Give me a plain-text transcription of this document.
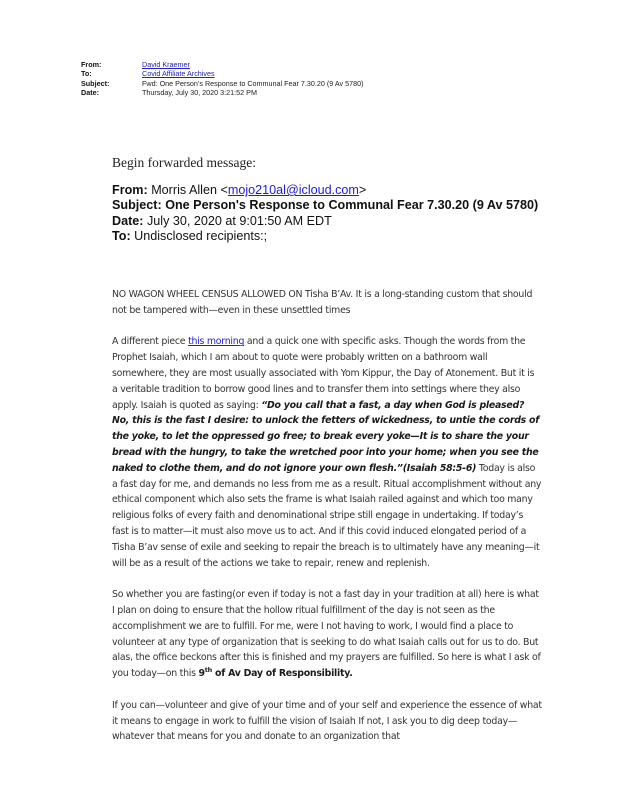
From:	David Kraemer
To:	Covid Affiliate Archives
Subject:	Fwd: One Person’s Response to Communal Fear 7.30.20 (9 Av 5780)
Date:	Thursday, July 30, 2020 3:21:52 PM
Begin forwarded message:
From: Morris Allen <mojo210al@icloud.com>
Subject: One Person's Response to Communal Fear 7.30.20 (9 Av 5780)
Date: July 30, 2020 at 9:01:50 AM EDT
To: Undisclosed recipients:;

NO WAGON WHEEL CENSUS ALLOWED ON Tisha B’Av. It is a long-standing custom that should not be tampered with—even in these unsettled times

A different piece this morning and a quick one with specific asks. Though the words from the Prophet Isaiah, which I am about to quote were probably written on a bathroom wall somewhere, they are most usually associated with Yom Kippur, the Day of Atonement. But it is a veritable tradition to borrow good lines and to transfer them into settings where they also apply. Isaiah is quoted as saying: “Do you call that a fast, a day when God is pleased? No, this is the fast I desire: to unlock the fetters of wickedness, to untie the cords of the yoke, to let the oppressed go free; to break every yoke—It is to share the your bread with the hungry, to take the wretched poor into your home; when you see the naked to clothe them, and do not ignore your own flesh.”(Isaiah 58:5-6) Today is also a fast day for me, and demands no less from me as a result. Ritual accomplishment without any ethical component which also sets the frame is what Isaiah railed against and which too many religious folks of every faith and denominational stripe still engage in undertaking. If today’s fast is to matter—it must also move us to act. And if this covid induced elongated period of a Tisha B’av sense of exile and seeking to repair the breach is to ultimately have any meaning—it will be as a result of the actions we take to repair, renew and replenish.

So whether you are fasting(or even if today is not a fast day in your tradition at all) here is what I plan on doing to ensure that the hollow ritual fulfillment of the day is not seen as the accomplishment we are to fulfill. For me, were I not having to work, I would find a place to volunteer at any type of organization that is seeking to do what Isaiah calls out for us to do. But alas, the office beckons after this is finished and my prayers are fulfilled. So here is what I ask of you today—on this 9th of Av Day of Responsibility.

If you can—volunteer and give of your time and of your self and experience the essence of what it means to engage in work to fulfill the vision of Isaiah If not, I ask you to dig deep today—whatever that means for you and donate to an organization that
